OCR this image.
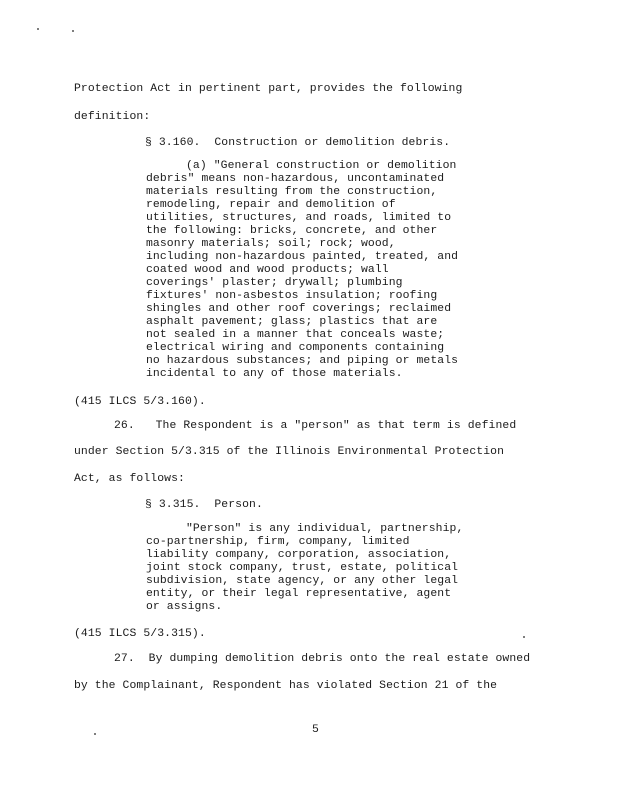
Protection Act in pertinent part, provides the following
definition:
§ 3.160.  Construction or demolition debris.
(a) "General construction or demolition
debris" means non-hazardous, uncontaminated
materials resulting from the construction,
remodeling, repair and demolition of
utilities, structures, and roads, limited to
the following: bricks, concrete, and other
masonry materials; soil; rock; wood,
including non-hazardous painted, treated, and
coated wood and wood products; wall
coverings' plaster; drywall; plumbing
fixtures' non-asbestos insulation; roofing
shingles and other roof coverings; reclaimed
asphalt pavement; glass; plastics that are
not sealed in a manner that conceals waste;
electrical wiring and components containing
no hazardous substances; and piping or metals
incidental to any of those materials.
(415 ILCS 5/3.160).
26.   The Respondent is a "person" as that term is defined
under Section 5/3.315 of the Illinois Environmental Protection
Act, as follows:
§ 3.315.  Person.
"Person" is any individual, partnership,
co-partnership, firm, company, limited
liability company, corporation, association,
joint stock company, trust, estate, political
subdivision, state agency, or any other legal
entity, or their legal representative, agent
or assigns.
(415 ILCS 5/3.315).
27.  By dumping demolition debris onto the real estate owned
by the Complainant, Respondent has violated Section 21 of the
5
